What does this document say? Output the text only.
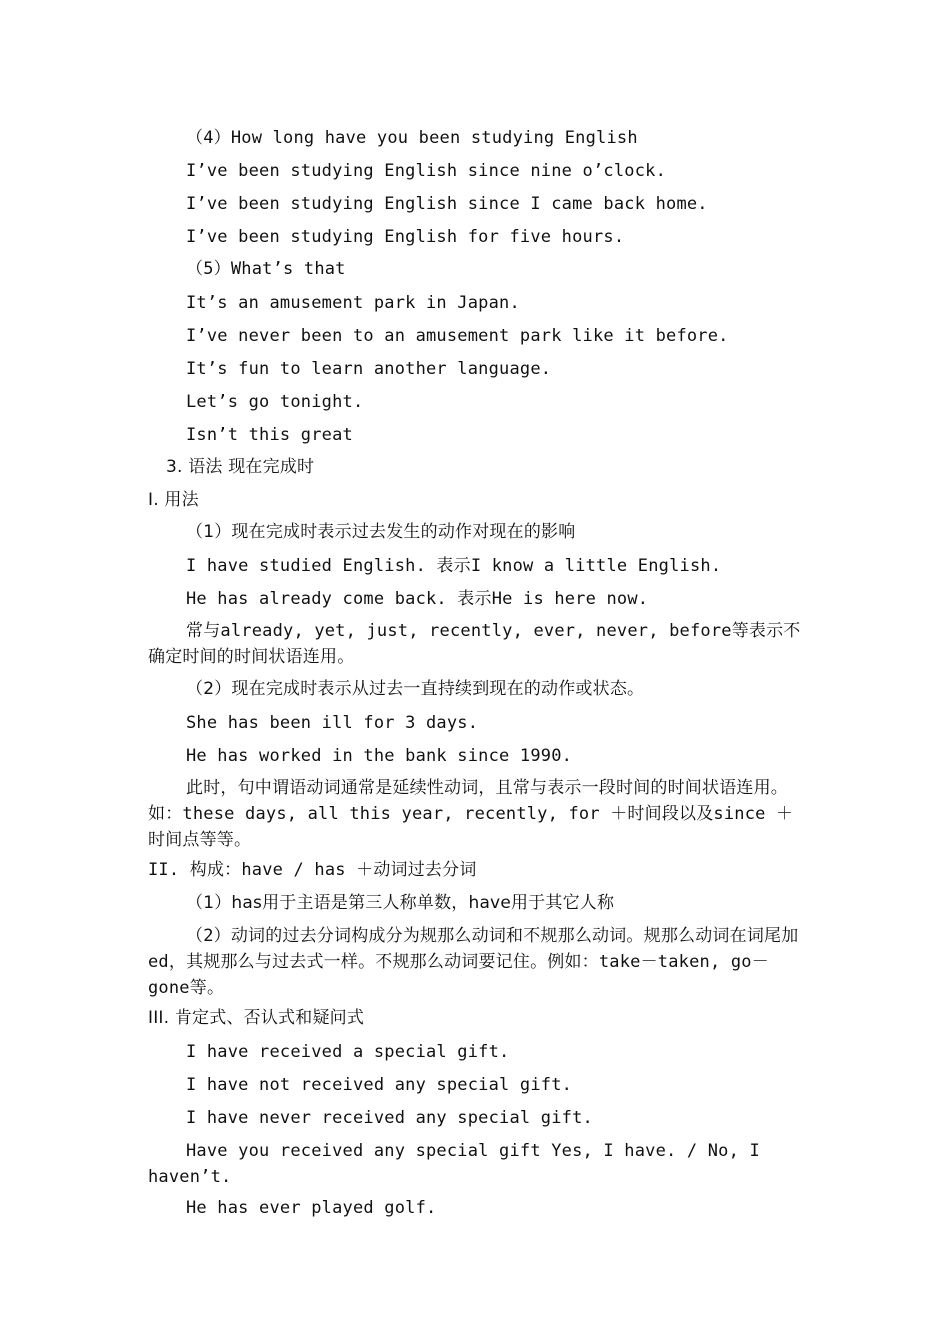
（4）How long have you been studying English
I’ve been studying English since nine o’clock.
I’ve been studying English since I came back home.
I’ve been studying English for five hours.
（5）What’s that
It’s an amusement park in Japan.
I’ve never been to an amusement park like it before.
It’s fun to learn another language.
Let’s go tonight.
Isn’t this great
3. 语法 现在完成时
I. 用法
（1）现在完成时表示过去发生的动作对现在的影响
I have studied English. 表示I know a little English.
He has already come back. 表示He is here now.
常与already, yet, just, recently, ever, never, before等表示不确定时间的时间状语连用。
（2）现在完成时表示从过去一直持续到现在的动作或状态。
She has been ill for 3 days.
He has worked in the bank since 1990.
此时，句中谓语动词通常是延续性动词，且常与表示一段时间的时间状语连用。如：these days, all this year, recently, for ＋时间段以及since ＋时间点等等。
II. 构成：have / has ＋动词过去分词
（1）has用于主语是第三人称单数，have用于其它人称
（2）动词的过去分词构成分为规那么动词和不规那么动词。规那么动词在词尾加ed，其规那么与过去式一样。不规那么动词要记住。例如：take－taken, go－gone等。
III. 肯定式、否认式和疑问式
I have received a special gift.
I have not received any special gift.
I have never received any special gift.
Have you received any special gift Yes, I have. / No, I haven’t.
He has ever played golf.
